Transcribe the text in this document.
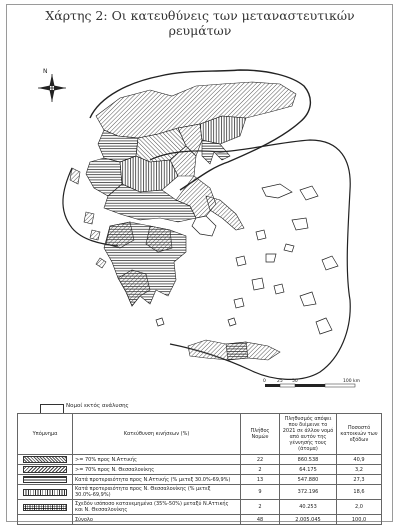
Χάρτης 2: Οι κατευθύνεις των μεταναστευτικών
ρευμάτων
N
0 25 50	100 km
Νομοί εκτός ανάλυσης
Υπόμνημα	Κατεύθυνση κινήσεων (%)	Πλήθος Νομών	Πληθυσμός απόψει που διέμεινε το 2021 σε άλλον νομό από αυτόν της γέννησής τους (άτομα)	Ποσοστό κατοικιών των εξόδων

	>= 70% προς Ν.Αττικής	22	860.538	40,9

	>= 70% προς Ν. Θεσσαλονίκης	2	64.175	3,2

	Κατά προτεραιότητα προς Ν.Αττικής (% μετεξ 30.0%-69,9%)	13	547.880	27,3

	Κατά προτεραιότητα προς Ν. Θεσσαλονίκης (% μετεξ 30.0%-69,9%)	9	372.196	18,6

	Σχεδόν ισόποσο κατανεμημένα (35%-50%) μεταξύ Ν.Αττικής και Ν. Θεσσαλονίκης	2	40.253	2,0
	Σύνολο	48	2.005.045	100,0
